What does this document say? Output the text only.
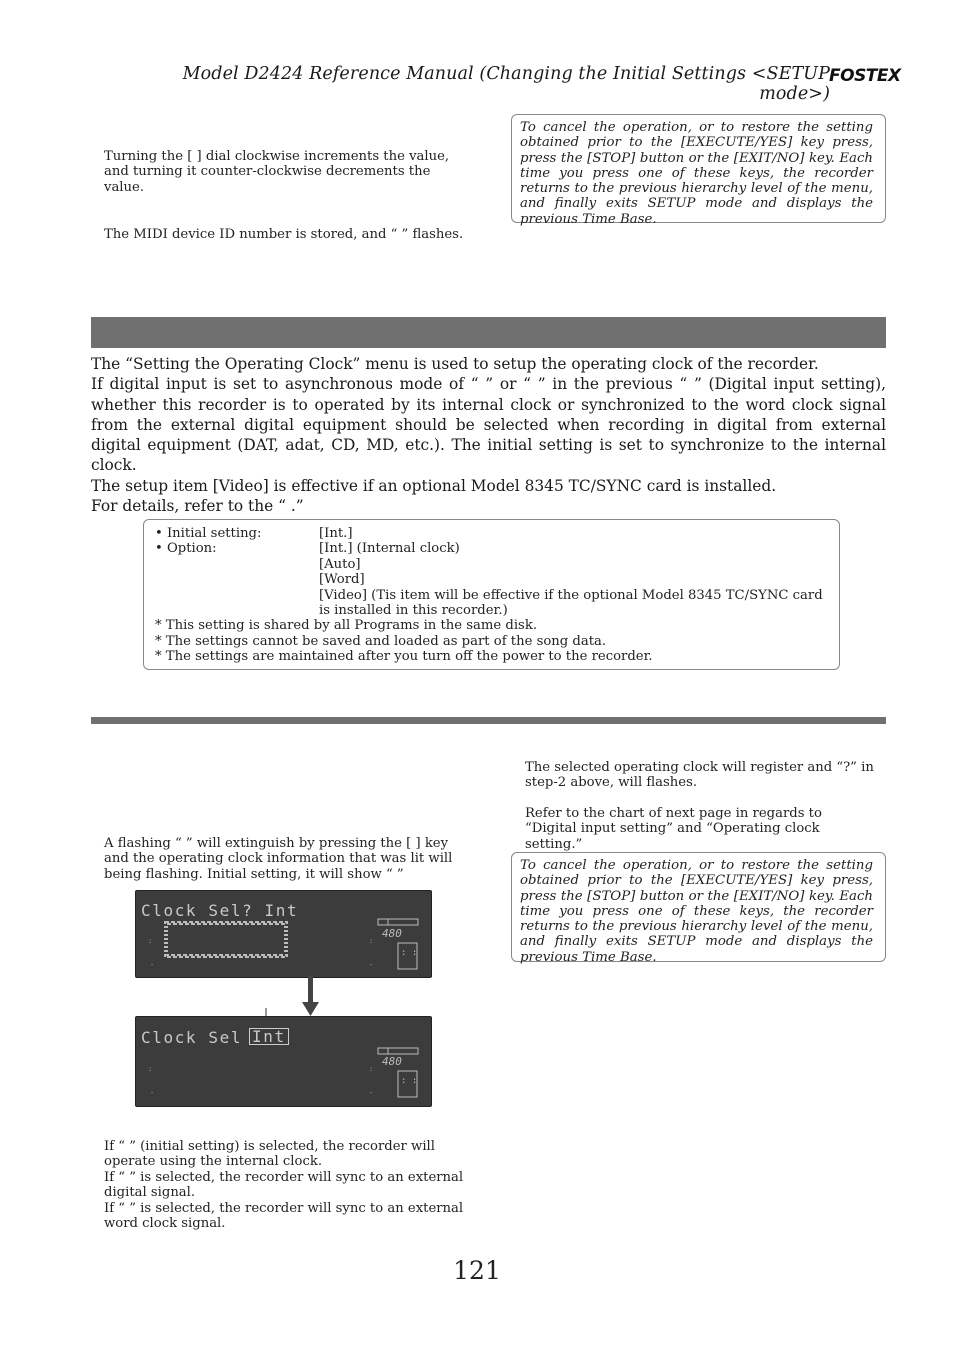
Model D2424 Reference Manual (Changing the Initial Settings <SETUP mode>)
FOSTEX
Turning the [ ] dial clockwise increments the value, and turning it counter-clockwise decrements the value.
The MIDI device ID number is stored, and “ ” flashes.
To cancel the operation, or to restore the setting obtained prior to the [EXECUTE/YES] key press, press the [STOP] button or the [EXIT/NO] key. Each time you press one of these keys, the recorder returns to the previous hierarchy level of the menu, and finally exits SETUP mode and displays the previous Time Base.

The “Setting the Operating Clock” menu is used to setup the operating clock of the recorder.

If digital input is set to asynchronous mode of “ ” or “ ” in the previous “ ” (Digital input setting), whether this recorder is to operated by its internal clock or synchronized to the word clock signal from the external digital equipment should be selected when recording in digital from external digital equipment (DAT, adat, CD, MD, etc.). The initial setting is set to synchronize to the internal clock.

The setup item [Video] is effective if an optional Model 8345 TC/SYNC card is installed.

For details, refer to the “ .”

• Initial setting:	[Int.]
• Option:	[Int.] (Internal clock)
[Auto]
[Word]
[Video] (Tis item will be effective if the optional Model 8345 TC/SYNC card is installed in this recorder.)
* This setting is shared by all Programs in the same disk.
* The settings cannot be saved and loaded as part of the song data.
* The settings are maintained after you turn off the power to the recorder.
A flashing “ ” will extinguish by pressing the [ ] key and the operating clock information that was lit will being flashing. Initial setting, it will show “ ”
Clock Sel? Int
:
-
480
: :
:
-
Clock Sel Int
:
-
480
: :
:
-
If “ ” (initial setting) is selected, the recorder will operate using the internal clock.
If “ ” is selected, the recorder will sync to an external digital signal.
If “ ” is selected, the recorder will sync to an external word clock signal.
The selected operating clock will register and “?” in step-2 above, will flashes.
Refer to the chart of next page in regards to “Digital input setting” and “Operating clock setting.”
To cancel the operation, or to restore the setting obtained prior to the [EXECUTE/YES] key press, press the [STOP] button or the [EXIT/NO] key. Each time you press one of these keys, the recorder returns to the previous hierarchy level of the menu, and finally exits SETUP mode and displays the previous Time Base.
121
